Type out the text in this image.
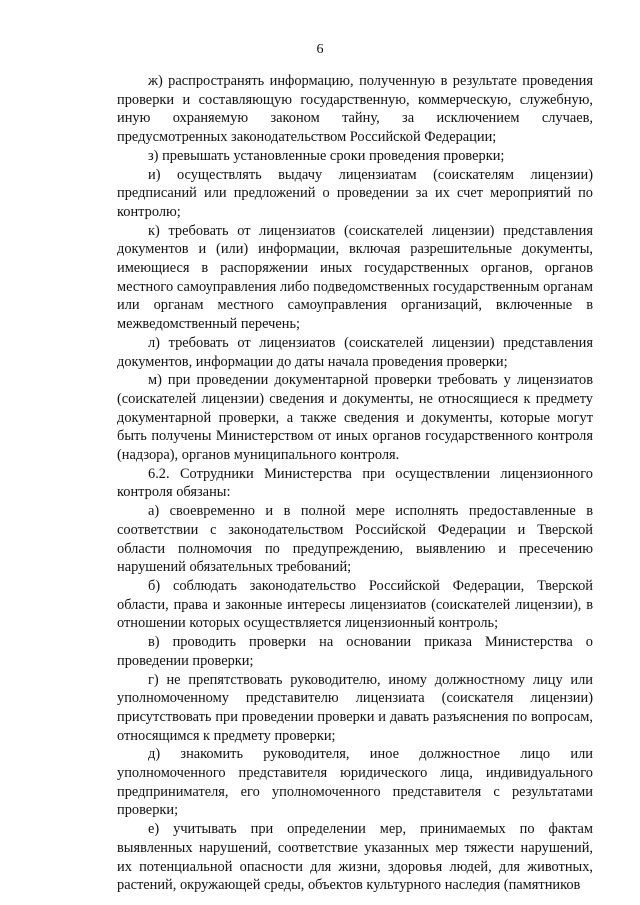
6

ж) распространять информацию, полученную в результате проведения проверки и составляющую государственную, коммерческую, служебную, иную охраняемую законом тайну, за исключением случаев, предусмотренных законодательством Российской Федерации;

з) превышать установленные сроки проведения проверки;

и) осуществлять выдачу лицензиатам (соискателям лицензии) предписаний или предложений о проведении за их счет мероприятий по контролю;

к) требовать от лицензиатов (соискателей лицензии) представления документов и (или) информации, включая разрешительные документы, имеющиеся в распоряжении иных государственных органов, органов местного самоуправления либо подведомственных государственным органам или органам местного самоуправления организаций, включенные в межведомственный перечень;

л) требовать от лицензиатов (соискателей лицензии) представления документов, информации до даты начала проведения проверки;

м) при проведении документарной проверки требовать у лицензиатов (соискателей лицензии) сведения и документы, не относящиеся к предмету документарной проверки, а также сведения и документы, которые могут быть получены Министерством от иных органов государственного контроля (надзора), органов муниципального контроля.

6.2. Сотрудники Министерства при осуществлении лицензионного контроля обязаны:

а) своевременно и в полной мере исполнять предоставленные в соответствии с законодательством Российской Федерации и Тверской области полномочия по предупреждению, выявлению и пресечению нарушений обязательных требований;

б) соблюдать законодательство Российской Федерации, Тверской области, права и законные интересы лицензиатов (соискателей лицензии), в отношении которых осуществляется лицензионный контроль;

в) проводить проверки на основании приказа Министерства о проведении проверки;

г) не препятствовать руководителю, иному должностному лицу или уполномоченному представителю лицензиата (соискателя лицензии) присутствовать при проведении проверки и давать разъяснения по вопросам, относящимся к предмету проверки;

д) знакомить руководителя, иное должностное лицо или уполномоченного представителя юридического лица, индивидуального предпринимателя, его уполномоченного представителя с результатами проверки;

е) учитывать при определении мер, принимаемых по фактам выявленных нарушений, соответствие указанных мер тяжести нарушений, их потенциальной опасности для жизни, здоровья людей, для животных, растений, окружающей среды, объектов культурного наследия (памятников
